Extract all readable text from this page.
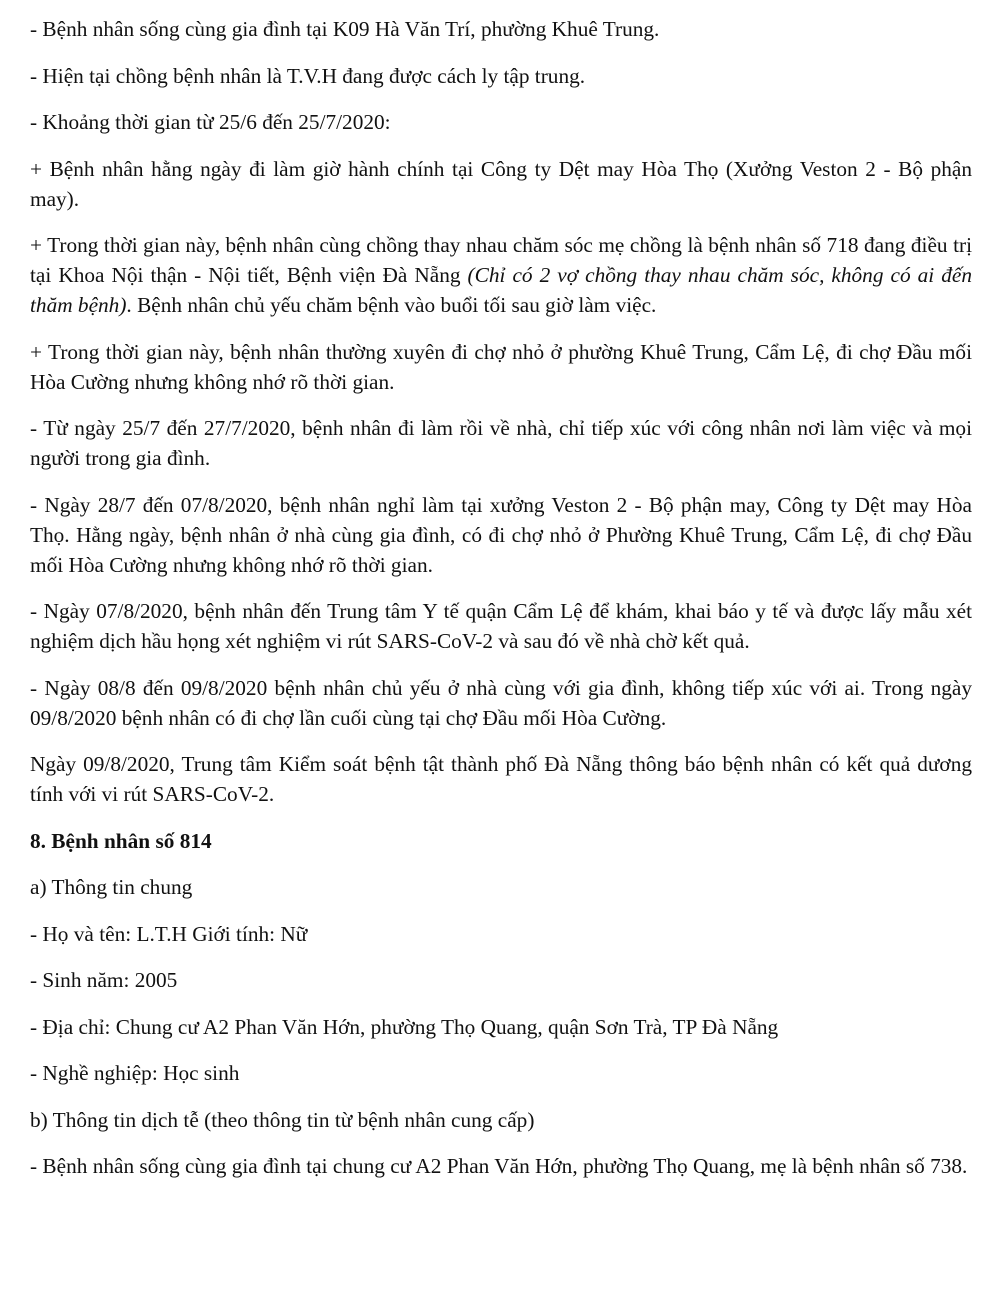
- Bệnh nhân sống cùng gia đình tại K09 Hà Văn Trí, phường Khuê Trung.

- Hiện tại chồng bệnh nhân là T.V.H đang được cách ly tập trung.

- Khoảng thời gian từ 25/6 đến 25/7/2020:

+ Bệnh nhân hằng ngày đi làm giờ hành chính tại Công ty Dệt may Hòa Thọ (Xưởng Veston 2 - Bộ phận may).

+ Trong thời gian này, bệnh nhân cùng chồng thay nhau chăm sóc mẹ chồng là bệnh nhân số 718 đang điều trị tại Khoa Nội thận - Nội tiết, Bệnh viện Đà Nẵng (Chỉ có 2 vợ chồng thay nhau chăm sóc, không có ai đến thăm bệnh). Bệnh nhân chủ yếu chăm bệnh vào buổi tối sau giờ làm việc.

+ Trong thời gian này, bệnh nhân thường xuyên đi chợ nhỏ ở phường Khuê Trung, Cẩm Lệ, đi chợ Đầu mối Hòa Cường nhưng không nhớ rõ thời gian.

- Từ ngày 25/7 đến 27/7/2020, bệnh nhân đi làm rồi về nhà, chỉ tiếp xúc với công nhân nơi làm việc và mọi người trong gia đình.

- Ngày 28/7 đến 07/8/2020, bệnh nhân nghỉ làm tại xưởng Veston 2 - Bộ phận may, Công ty Dệt may Hòa Thọ. Hằng ngày, bệnh nhân ở nhà cùng gia đình, có đi chợ nhỏ ở Phường Khuê Trung, Cẩm Lệ, đi chợ Đầu mối Hòa Cường nhưng không nhớ rõ thời gian.

- Ngày 07/8/2020, bệnh nhân đến Trung tâm Y tế quận Cẩm Lệ để khám, khai báo y tế và được lấy mẫu xét nghiệm dịch hầu họng xét nghiệm vi rút SARS-CoV-2 và sau đó về nhà chờ kết quả.

- Ngày 08/8 đến 09/8/2020 bệnh nhân chủ yếu ở nhà cùng với gia đình, không tiếp xúc với ai. Trong ngày 09/8/2020 bệnh nhân có đi chợ lần cuối cùng tại chợ Đầu mối Hòa Cường.

Ngày 09/8/2020, Trung tâm Kiểm soát bệnh tật thành phố Đà Nẵng thông báo bệnh nhân có kết quả dương tính với vi rút SARS-CoV-2.

8. Bệnh nhân số 814

a) Thông tin chung

- Họ và tên: L.T.H Giới tính: Nữ

- Sinh năm: 2005

- Địa chỉ: Chung cư A2 Phan Văn Hớn, phường Thọ Quang, quận Sơn Trà, TP Đà Nẵng

- Nghề nghiệp: Học sinh

b) Thông tin dịch tễ (theo thông tin từ bệnh nhân cung cấp)

- Bệnh nhân sống cùng gia đình tại chung cư A2 Phan Văn Hớn, phường Thọ Quang, mẹ là bệnh nhân số 738.
